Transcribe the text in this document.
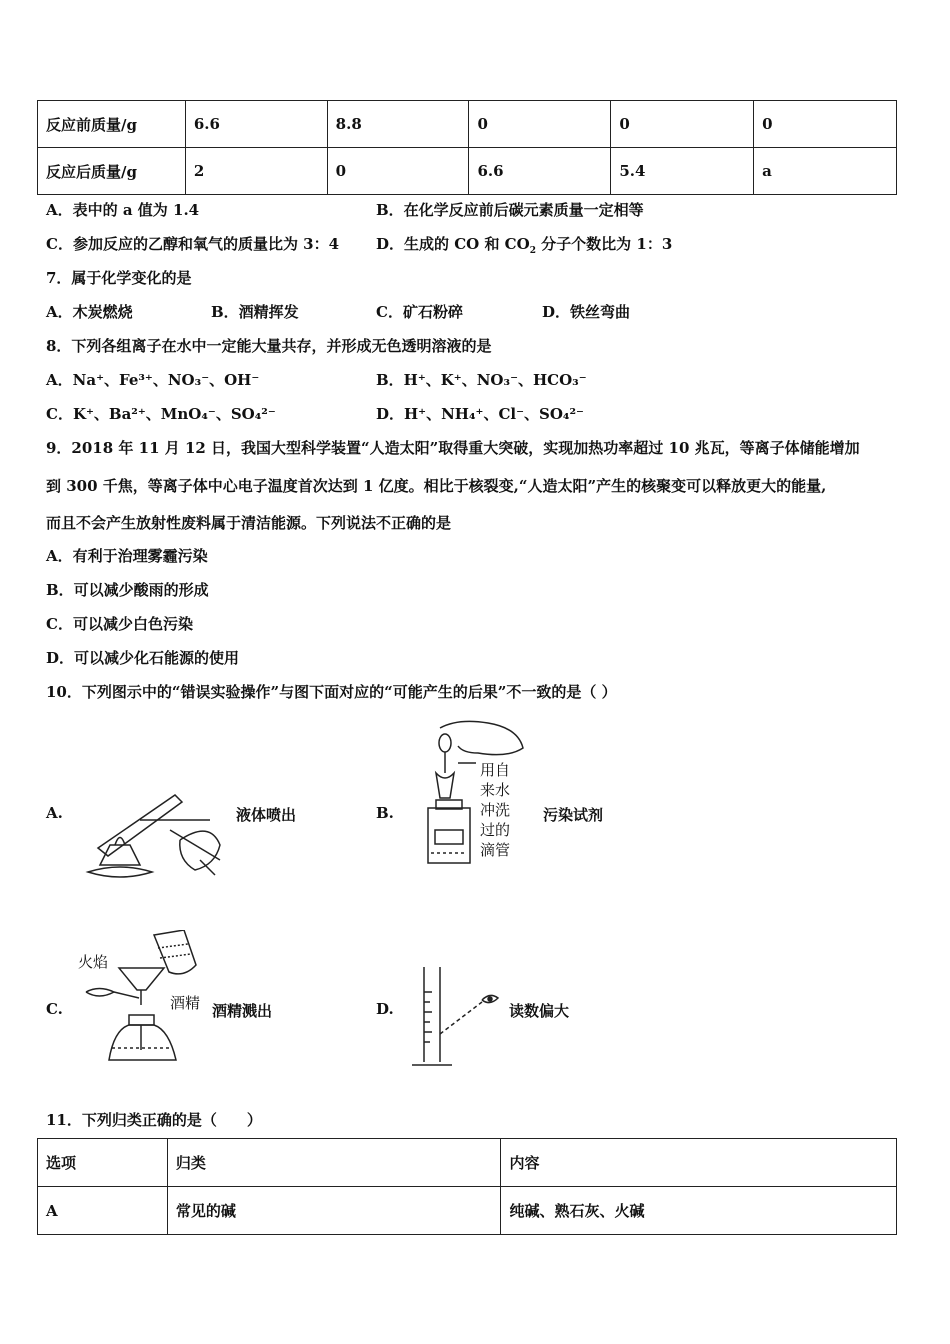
反应前质量/g	6.6	8.8	0	0	0
反应后质量/g	2	0	6.6	5.4	a
A．表中的 a 值为 1.4	B．在化学反应前后碳元素质量一定相等
C．参加反应的乙醇和氧气的质量比为 3：4 D．生成的 CO 和 $CO_2$ 分子个数比为 1：3
7．属于化学变化的是
A．木炭燃烧	B．酒精挥发	C．矿石粉碎	D．铁丝弯曲
8．下列各组离子在水中一定能大量共存，并形成无色透明溶液的是
A．Na⁺、Fe³⁺、NO₃⁻、OH⁻	B．H⁺、K⁺、NO₃⁻、HCO₃⁻
C．K⁺、Ba²⁺、MnO₄⁻、SO₄²⁻	D．H⁺、NH₄⁺、Cl⁻、SO₄²⁻
9．2018 年 11 月 12 日，我国大型科学装置“人造太阳”取得重大突破，实现加热功率超过 10 兆瓦，等离子体储能增加
到 300 千焦，等离子体中心电子温度首次达到 1 亿度。相比于核裂变,“人造太阳”产生的核聚变可以释放更大的能量,
而且不会产生放射性废料属于清洁能源。下列说法不正确的是
A．有利于治理雾霾污染
B．可以减少酸雨的形成
C．可以减少白色污染
D．可以减少化石能源的使用
10．下列图示中的“错误实验操作”与图下面对应的“可能产生的后果”不一致的是（ ）
A.	液体喷出	B.
用自
来水
冲洗
过的
滴管
污染试剂
C.
火焰
酒精 酒精溅出	D.	读数偏大
11．下列归类正确的是（　　）
选项	归类	内容
A	常见的碱	纯碱、熟石灰、火碱
